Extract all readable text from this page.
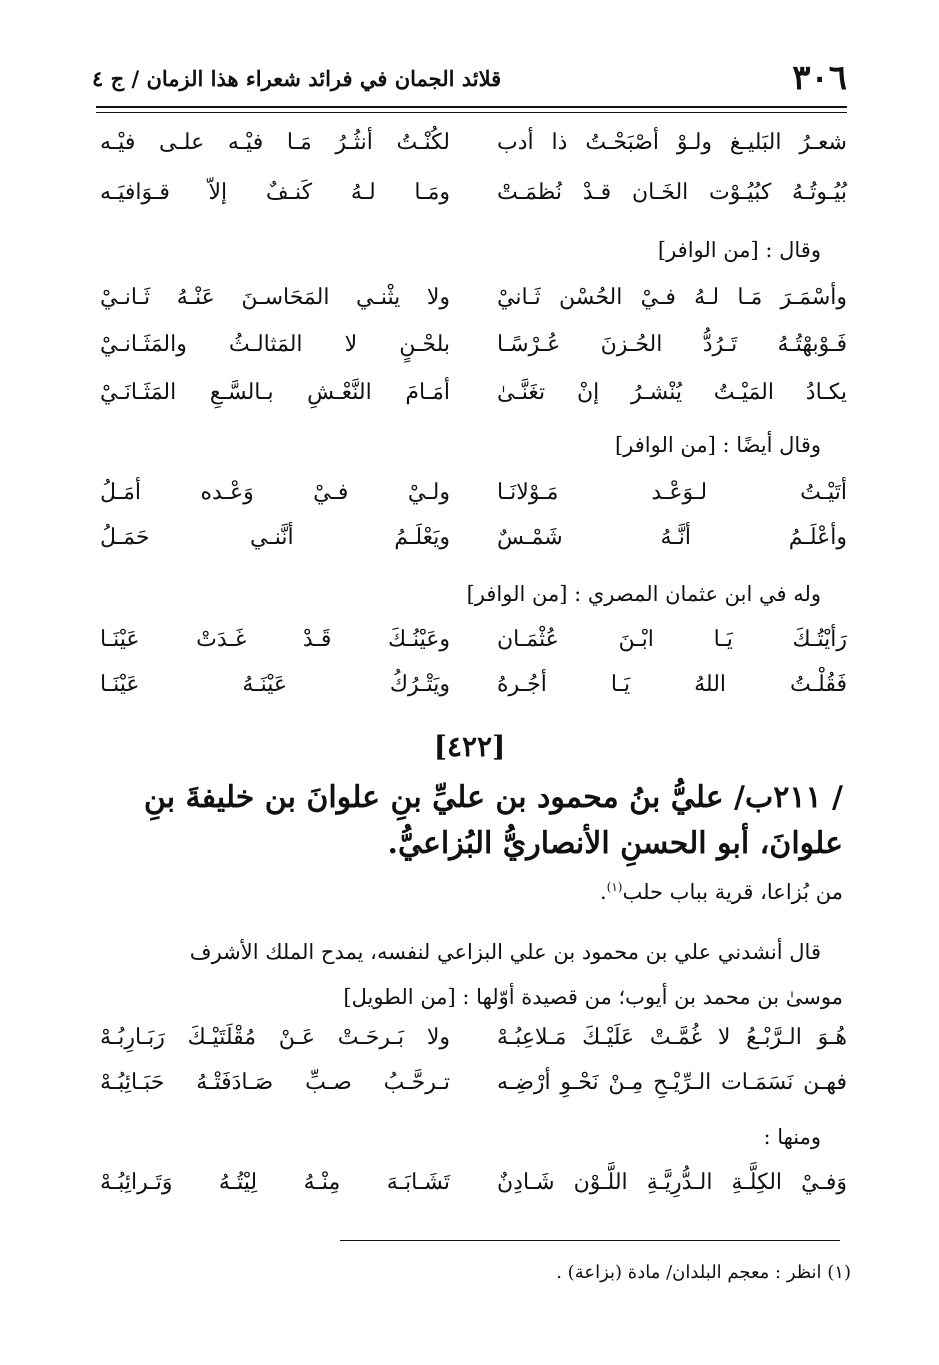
٣٠٦
قلائد الجمان في فرائد شعراء هذا الزمان / ج ٤
شعـرُ البَليـغ ولـوْ أصْبَحْـتُ ذا أدب
لكُنْـتُ أنثُـرُ مَـا فيْـه علـى فيْـه
بُيُـوتُـهُ كبُيُـوْت الخَـان قـدْ نُظمَـتْ
ومَـا لـهُ كَنـفٌ إلاّ قـوَافيَـه
وقال : [من الوافر]
وأسْمَـرَ مَـا لـهُ فـيْ الحُسْن ثَـانيْ
ولا يثْنـي المَحَاسـنَ عَنْـهُ ثَـانـيْ
فَـوْبهْتُـهُ تَـرُدُّ الحُـزنَ عُـرْسًـا
بلحْـنٍ لا المَثالـثُ والمَثَـانـيْ
يكـادُ المَيْـتُ يُنْشـرُ إنْ تغَنَّـىٰ
أمَـامَ النَّعْـشِ بـالسَّـعِ المَثَـانَـيْ
وقال أيضًا : [من الوافر]
أتَيْـتُ لـوَعْـد مَـوْلانَـا
ولـيْ فـيْ وَعْـده أمَـلُ
وأعْلَـمُ أنَّـهُ شَمْـسٌ
ويَعْلَـمُ أنَّنـي حَمَـلُ
وله في ابن عثمان المصري : [من الوافر]
رَأيْتُـكَ يَـا ابْـنَ عُثْمَـان
وعَيْنُـكَ قَـدْ غَـدَتْ عَيْنَـا
فَقُلْـتُ اللهُ يَـا أجُـرهُ
ويَتْـرُكُ عَيْنَـهُ عَيْنَـا
[٤٢٢]
/ ٢١١ب/ عليُّ بنُ محمود بن عليِّ بنِ علوانَ بن خليفةَ بنِ
علوانَ، أبو الحسنِ الأنصاريُّ البُزاعيُّ.
من بُزاعا، قرية بباب حلب$^{(١)}$.
قال أنشدني علي بن محمود بن علي البزاعي لنفسه، يمدح الملك الأشرف
موسىٰ بن محمد بن أيوب؛ من قصيدة أوّلها : [من الطويل]
هُـوَ الـرَّبْـعُ لا غُمَّـتْ عَلَيْـكَ مَـلاعِبُـهْ
ولا بَـرحَـتْ عَـنْ مُقْلَتَيْـكَ رَبَـارِبُـهْ
فهـن نَسَمَـات الـرِّيْـحِ مِـنْ نَحْـوِ أرْضِـه
تـرحَّـبُ صـبِّ صَـادَفَتْـهُ حَبَـائِبُـهْ
ومنها :
وَفـيْ الكِلَّـةِ الـدُّرِيَّـةِ اللَّـوْن شَـادِنٌ
تَشَـابَـهَ مِنْـهُ لِيْتُـهُ وَتَـرائِبُـهْ
(١) انظر : معجم البلدان/ مادة (بزاعة) .
